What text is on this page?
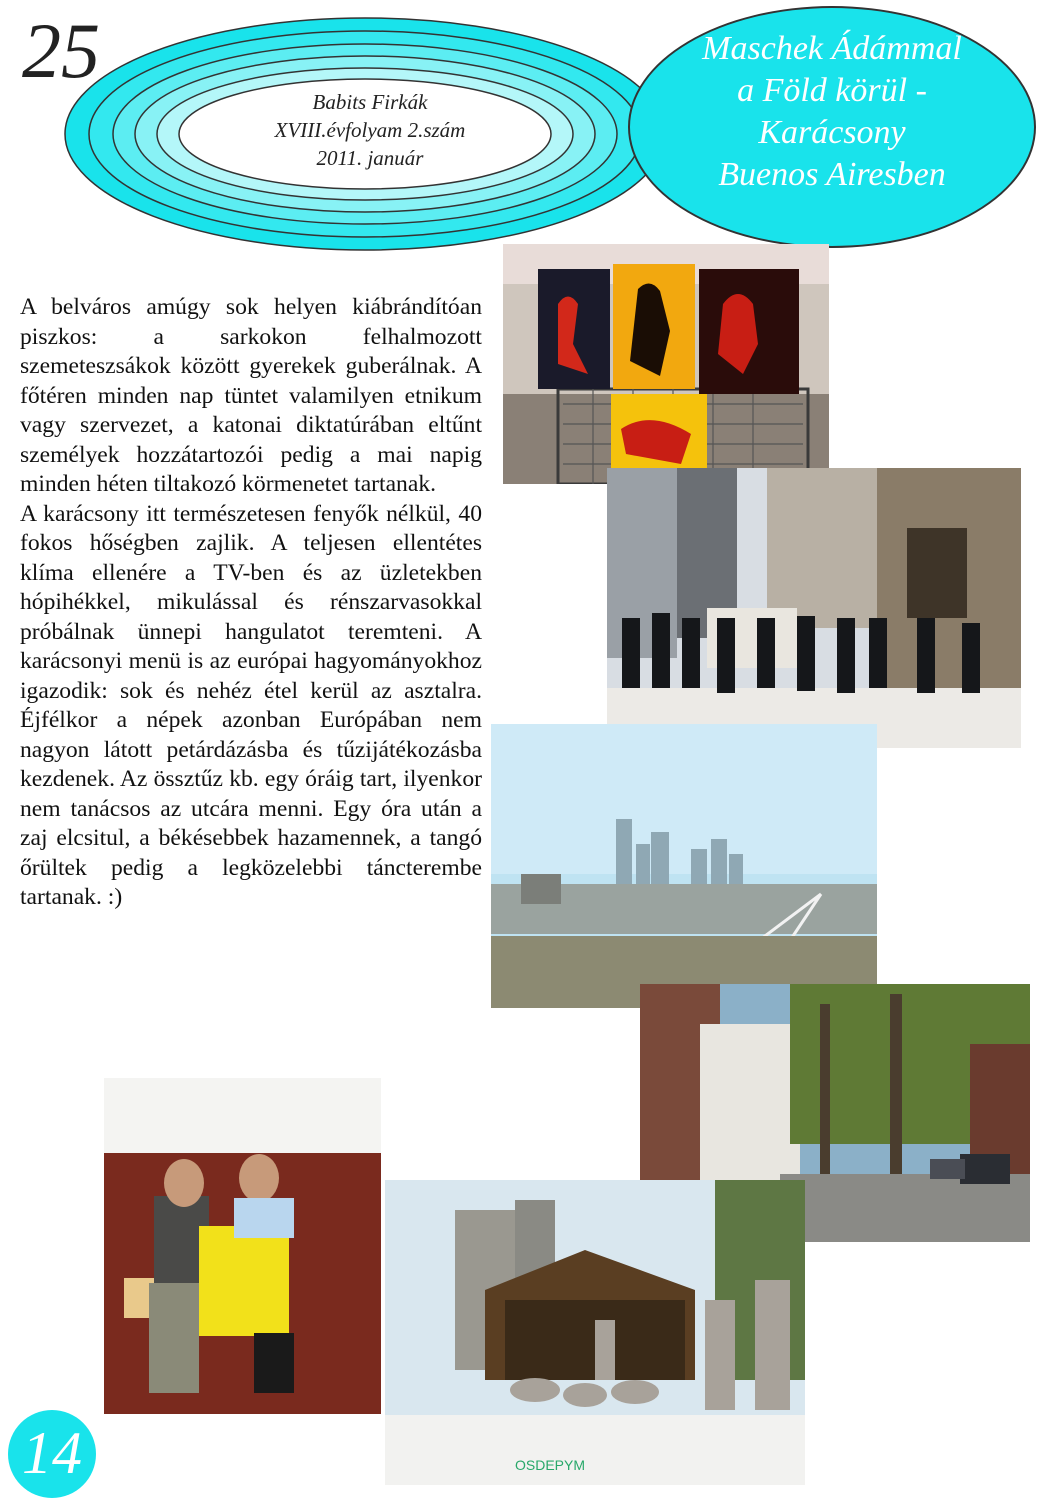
25
Babits Firkák
XVIII.évfolyam 2.szám
2011. január
Maschek Ádámmal
a Föld körül -
Karácsony
Buenos Airesben

A belváros amúgy sok helyen kiábrándítóan piszkos: a sarkokon felhalmozott szemeteszsákok között gyerekek guberálnak. A főtéren minden nap tüntet valamilyen etnikum vagy szervezet, a katonai diktatúrában eltűnt személyek hozzátartozói pedig a mai napig minden héten tiltakozó körmenetet tartanak.

A karácsony itt természetesen fenyők nélkül, 40 fokos hőségben zajlik. A teljesen ellentétes klíma ellenére a TV-ben és az üzletekben hópihékkel, mikulással és rénszarvasokkal próbálnak ünnepi hangulatot teremteni. A karácsonyi menü is az európai hagyományokhoz igazodik: sok és nehéz étel kerül az asztalra. Éjfélkor a népek azonban Európában nem nagyon látott petárdázásba és tűzijátékozásba kezdenek. Az össztűz kb. egy óráig tart, ilyenkor nem tanácsos az utcára menni. Egy óra után a zaj elcsitul, a békésebbek hazamennek, a tangó őrültek pedig a legközelebbi táncterembe tartanak. :)

OSDEPYM
14
